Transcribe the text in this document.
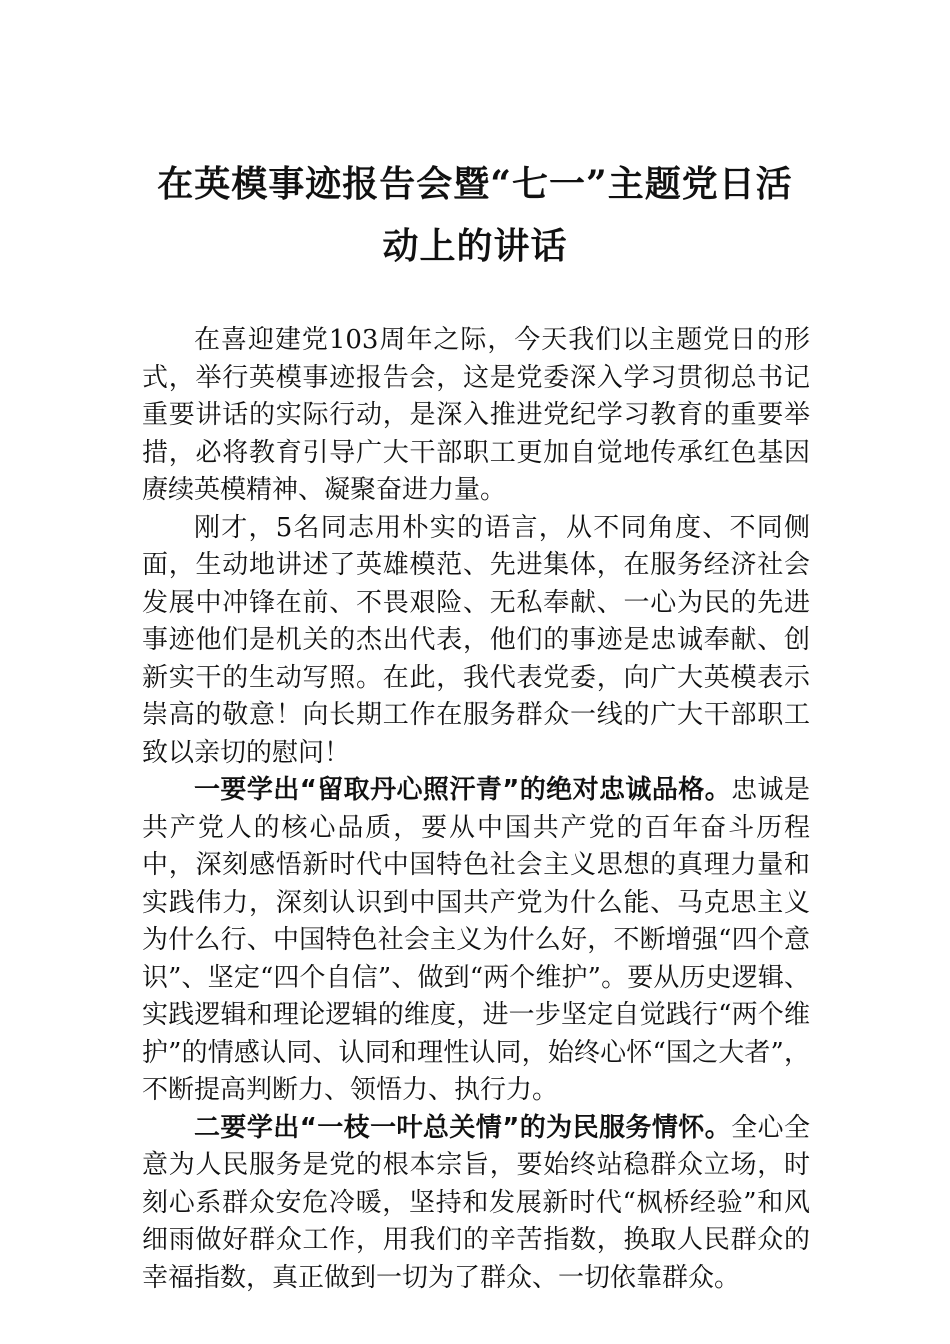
在英模事迹报告会暨“七一”主题党日活
动上的讲话

在喜迎建党103周年之际，今天我们以主题党日的形式，举行英模事迹报告会，这是党委深入学习贯彻总书记重要讲话的实际行动，是深入推进党纪学习教育的重要举措，必将教育引导广大干部职工更加自觉地传承红色基因赓续英模精神、凝聚奋进力量。

刚才，5名同志用朴实的语言，从不同角度、不同侧面，生动地讲述了英雄模范、先进集体，在服务经济社会发展中冲锋在前、不畏艰险、无私奉献、一心为民的先进事迹他们是机关的杰出代表，他们的事迹是忠诚奉献、创新实干的生动写照。在此，我代表党委，向广大英模表示崇高的敬意！向长期工作在服务群众一线的广大干部职工致以亲切的慰问！

一要学出“留取丹心照汗青”的绝对忠诚品格。忠诚是共产党人的核心品质，要从中国共产党的百年奋斗历程中，深刻感悟新时代中国特色社会主义思想的真理力量和实践伟力，深刻认识到中国共产党为什么能、马克思主义为什么行、中国特色社会主义为什么好，不断增强“四个意识”、坚定“四个自信”、做到“两个维护”。要从历史逻辑、实践逻辑和理论逻辑的维度，进一步坚定自觉践行“两个维护”的情感认同、认同和理性认同，始终心怀“国之大者”，不断提高判断力、领悟力、执行力。

二要学出“一枝一叶总关情”的为民服务情怀。全心全意为人民服务是党的根本宗旨，要始终站稳群众立场，时刻心系群众安危冷暖，坚持和发展新时代“枫桥经验”和风细雨做好群众工作，用我们的辛苦指数，换取人民群众的幸福指数，真正做到一切为了群众、一切依靠群众。
